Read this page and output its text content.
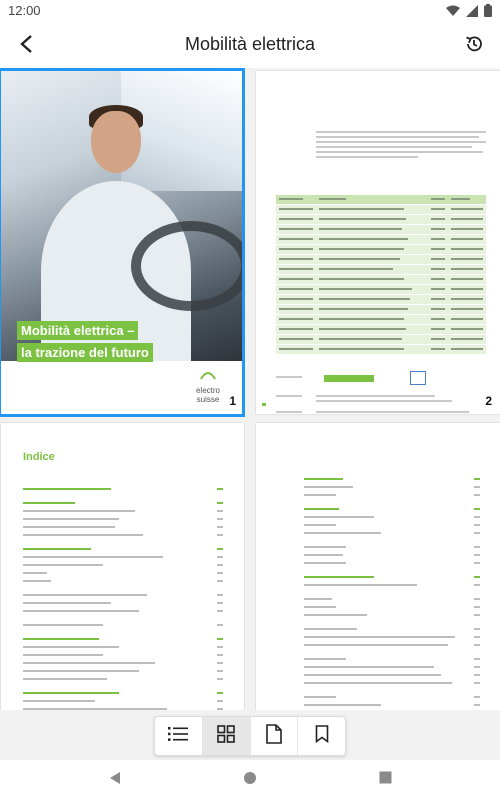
12:00
Mobilità elettrica
Mobilità elettrica –
la trazione del futuro
electro
suisse 1	2
Indice
